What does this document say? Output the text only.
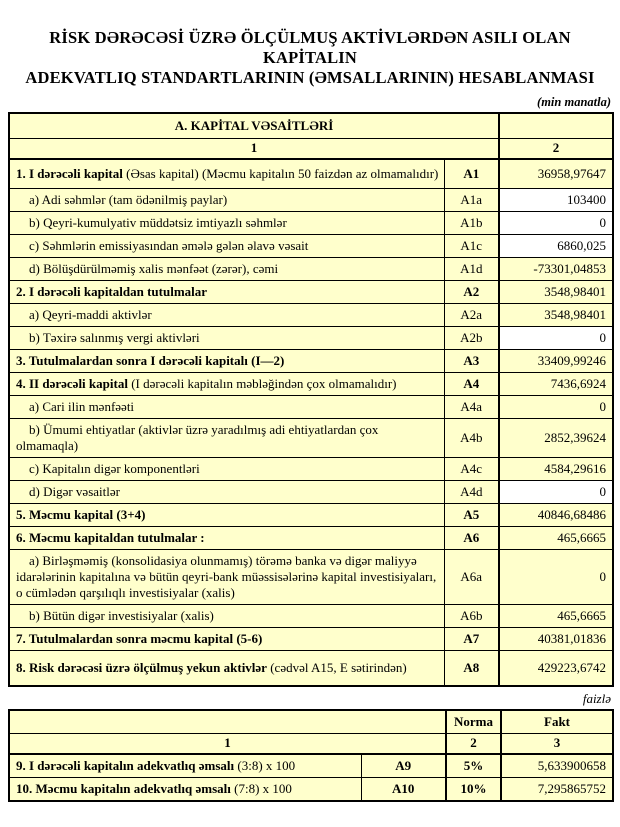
RİSK DƏRƏCƏSİ ÜZRƏ ÖLÇÜLMUŞ AKTİVLƏRDƏN ASILI OLAN KAPİTALIN
ADEKVATLIQ STANDARTLARININ (ƏMSALLARININ) HESABLANMASI
(min manatla)
A. KAPİTAL VƏSAİTLƏRİ		
1		2
1. I dərəcəli kapital (Əsas kapital) (Məcmu kapitalın 50 faizdən az olmamalıdır)	A1	36958,97647
a) Adi səhmlər (tam ödənilmiş paylar)	A1a	103400
b) Qeyri-kumulyativ müddətsiz imtiyazlı səhmlər	A1b	0
c) Səhmlərin emissiyasından əmələ gələn əlavə vəsait	A1c	6860,025
d) Bölüşdürülməmiş xalis mənfəət (zərər), cəmi	A1d	-73301,04853
2. I dərəcəli kapitaldan tutulmalar	A2	3548,98401
a) Qeyri-maddi aktivlər	A2a	3548,98401
b) Təxirə salınmış vergi aktivləri	A2b	0
3. Tutulmalardan sonra I dərəcəli kapitalı (I—2)	A3	33409,99246
4. II dərəcəli kapital (I dərəcəli kapitalın məbləğindən çox olmamalıdır)	A4	7436,6924
a) Cari ilin mənfəəti	A4a	0
b) Ümumi ehtiyatlar (aktivlər üzrə yaradılmış adi ehtiyatlardan çox olmamaqla)	A4b	2852,39624
c) Kapitalın digər komponentləri	A4c	4584,29616
d) Digər vəsaitlər	A4d	0
5. Məcmu kapital (3+4)	A5	40846,68486
6. Məcmu kapitaldan tutulmalar :	A6	465,6665
a) Birləşməmiş (konsolidasiya olunmamış) törəmə banka və digər maliyyə idarələrinin kapitalına və bütün qeyri-bank müəssisələrinə kapital investisiyaları, o cümlədən qarşılıqlı investisiyalar (xalis)	A6a	0
b) Bütün digər investisiyalar (xalis)	A6b	465,6665
7. Tutulmalardan sonra məcmu kapital (5-6)	A7	40381,01836
8. Risk dərəcəsi üzrə ölçülmuş yekun aktivlər (cədvəl A15, E sətirindən)	A8	429223,6742
faizlə
		Norma	Fakt
1		2	3
9. I dərəcəli kapitalın adekvatlıq əmsalı (3:8) x 100	A9	5%	5,633900658
10. Məcmu kapitalın adekvatlıq əmsalı (7:8) x 100	A10	10%	7,295865752
